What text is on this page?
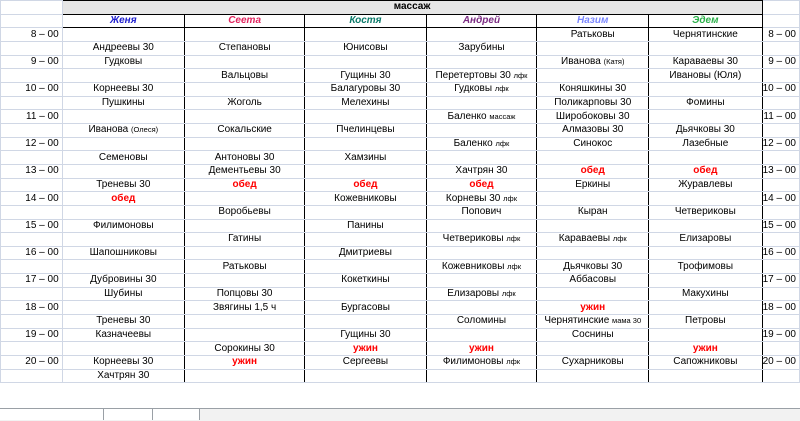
	массаж						
	Женя	Сеета	Костя	Андрей	Назим	Эдем	
8 – 00					Ратьковы	Чернятинские	8 – 00
	Андреевы 30	Степановы	Юнисовы	Зарубины			
9 – 00	Гудковы				Иванова (Катя)	Караваевы 30	9 – 00
		Вальцовы	Гущины 30	Перетертовы 30 лфк		Ивановы (Юля)	
10 – 00	Корнеевы 30		Балагуровы 30	Гудковы лфк	Коняшкины 30		10 – 00
	Пушкины	Жоголь	Мелехины		Поликарповы 30	Фомины	
11 – 00				Баленко массаж	Широбоковы 30		11 – 00
	Иванова (Олеся)	Сокальские	Пчелинцевы		Алмазовы 30	Дьячковы 30	
12 – 00				Баленко лфк	Синокос	Лазебные	12 – 00
	Семеновы	Антоновы 30	Хамзины				
13 – 00		Дементьевы 30		Хачтрян 30	обед	обед	13 – 00
	Треневы 30	обед	обед	обед	Еркины	Журавлевы	
14 – 00	обед		Кожевниковы	Корневы 30 лфк			14 – 00
		Воробьевы		Попович	Кыран	Четвериковы	
15 – 00	Филимоновы		Панины				15 – 00
		Гатины		Четвериковы лфк	Караваевы лфк	Елизаровы	
16 – 00	Шапошниковы		Дмитриевы				16 – 00
		Ратьковы		Кожевниковы лфк	Дьячковы 30	Трофимовы	
17 – 00	Дубровины 30		Кокеткины		Аббасовы		17 – 00
	Шубины	Попцовы 30		Елизаровы лфк		Макухины	
18 – 00		Звягины 1,5 ч	Бургасовы		ужин		18 – 00
	Треневы 30			Соломины	Чернятинские мама 30	Петровы	
19 – 00	Казначеевы		Гущины 30		Соснины		19 – 00
		Сорокины 30	ужин	ужин		ужин	
20 – 00	Корнеевы 30	ужин	Сергеевы	Филимоновы лфк	Сухарниковы	Сапожниковы	20 – 00
	Хачтрян 30						
